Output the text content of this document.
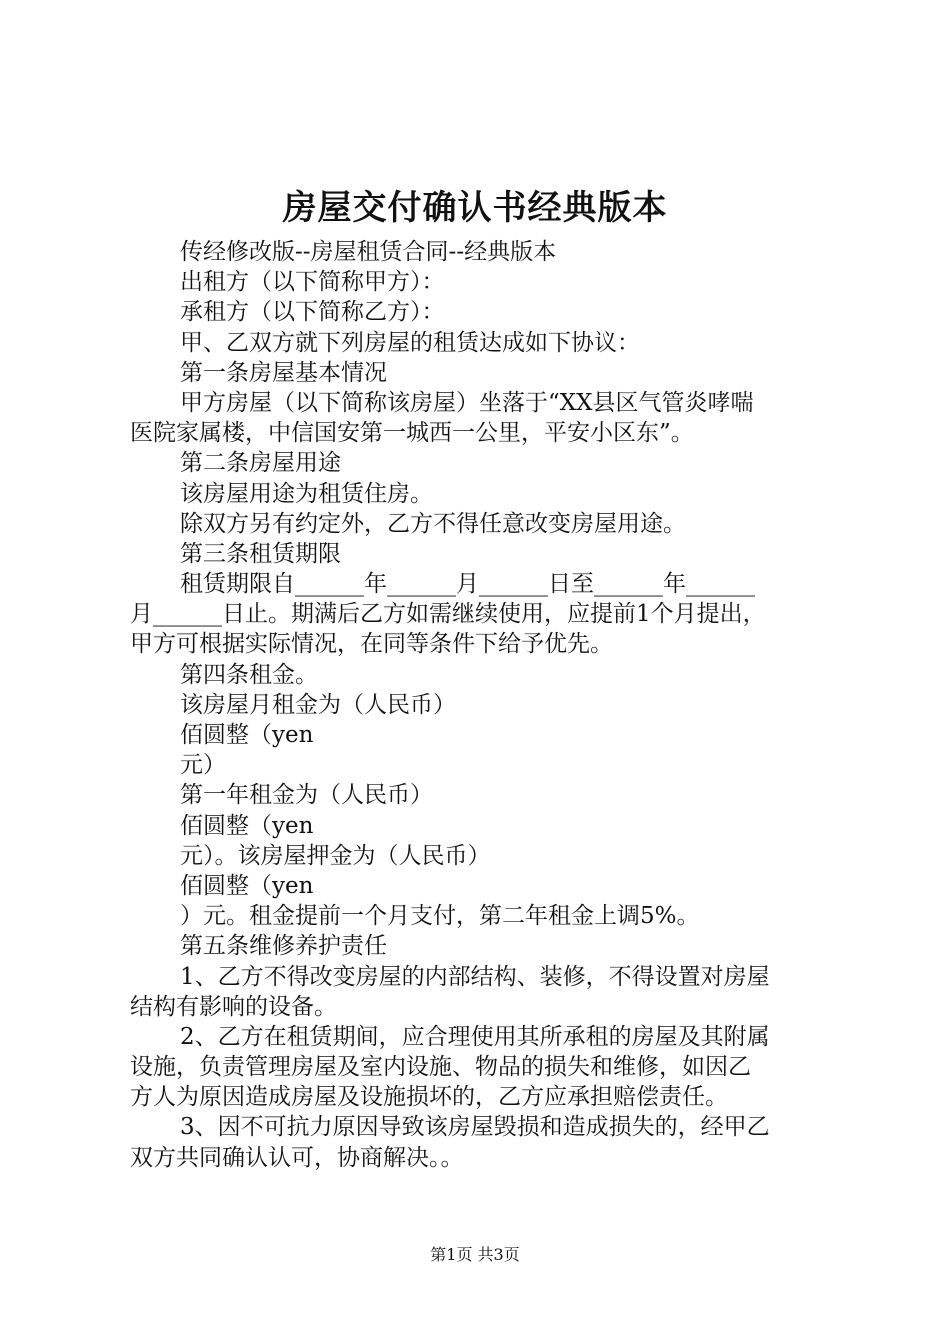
房屋交付确认书经典版本
传经修改版--房屋租赁合同--经典版本
出租方（以下简称甲方）：
承租方（以下简称乙方）：
甲、乙双方就下列房屋的租赁达成如下协议：
第一条房屋基本情况
甲方房屋（以下简称该房屋）坐落于“XX县区气管炎哮喘
医院家属楼，中信国安第一城西一公里，平安小区东”。
第二条房屋用途
该房屋用途为租赁住房。
除双方另有约定外，乙方不得任意改变房屋用途。
第三条租赁期限
租赁期限自______年______月______日至______年______
月______日止。期满后乙方如需继续使用，应提前1个月提出，
甲方可根据实际情况，在同等条件下给予优先。
第四条租金。
该房屋月租金为（人民币）
佰圆整（yen
元）
第一年租金为（人民币）
佰圆整（yen
元）。该房屋押金为（人民币）
佰圆整（yen
）元。租金提前一个月支付，第二年租金上调5%。
第五条维修养护责任
1、乙方不得改变房屋的内部结构、装修，不得设置对房屋
结构有影响的设备。
2、乙方在租赁期间，应合理使用其所承租的房屋及其附属
设施，负责管理房屋及室内设施、物品的损失和维修，如因乙
方人为原因造成房屋及设施损坏的，乙方应承担赔偿责任。
3、因不可抗力原因导致该房屋毁损和造成损失的，经甲乙
双方共同确认认可，协商解决。。
第1页 共3页
